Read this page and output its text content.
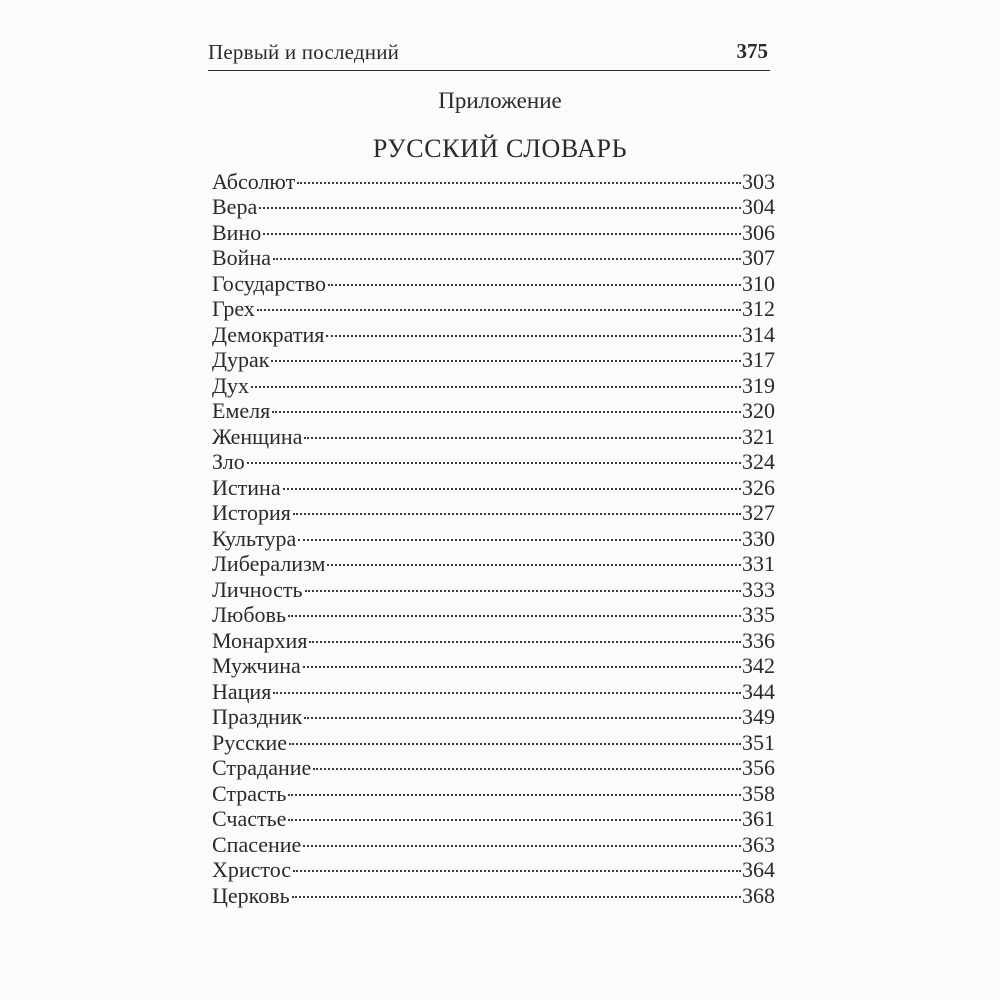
Первый и последний	375
Приложение
РУССКИЙ СЛОВАРЬ
Абсолют	303
Вера	304
Вино	306
Война	307
Государство	310
Грех	312
Демократия	314
Дурак	317
Дух	319
Емеля	320
Женщина	321
Зло	324
Истина	326
История	327
Культура	330
Либерализм	331
Личность	333
Любовь	335
Монархия	336
Мужчина	342
Нация	344
Праздник	349
Русские	351
Страдание	356
Страсть	358
Счастье	361
Спасение	363
Христос	364
Церковь	368
